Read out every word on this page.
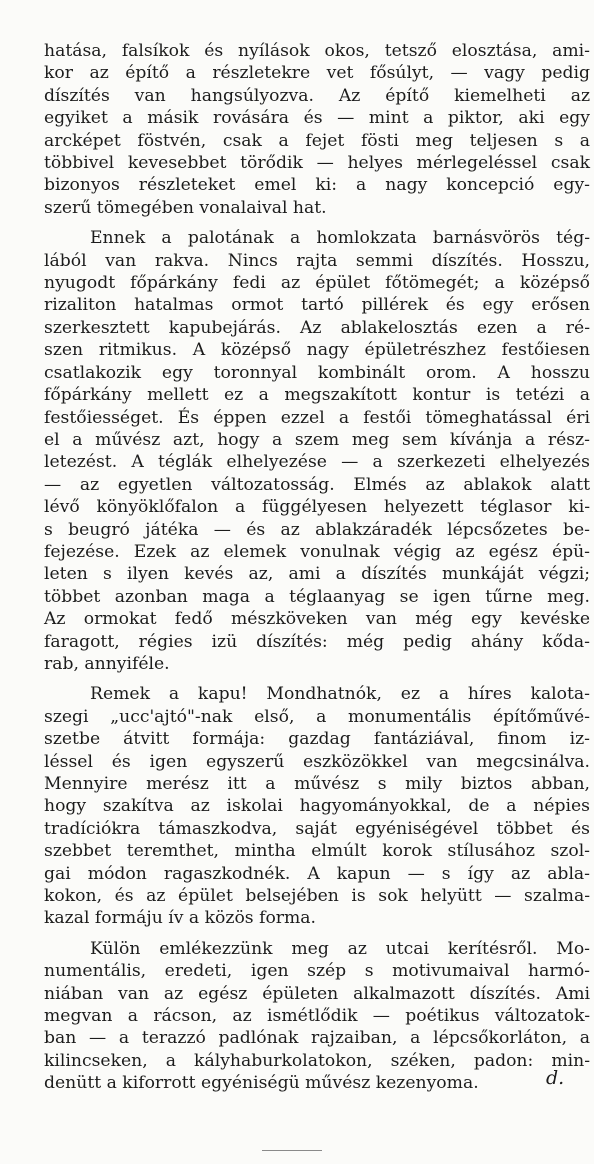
hatása, falsíkok és nyílások okos, tetsző elosztása, ami-
kor az építő a részletekre vet fősúlyt, — vagy pedig
díszítés van hangsúlyozva. Az építő kiemelheti az
egyiket a másik rovására és — mint a piktor, aki egy
arcképet föstvén, csak a fejet fösti meg teljesen s a
többivel kevesebbet törődik — helyes mérlegeléssel csak
bizonyos részleteket emel ki: a nagy koncepció egy-
szerű tömegében vonalaival hat.
Ennek a palotának a homlokzata barnásvörös tég-
lából van rakva. Nincs rajta semmi díszítés. Hosszu,
nyugodt főpárkány fedi az épület főtömegét; a középső
rizaliton hatalmas ormot tartó pillérek és egy erősen
szerkesztett kapubejárás. Az ablakelosztás ezen a ré-
szen ritmikus. A középső nagy épületrészhez festőiesen
csatlakozik egy toronnyal kombinált orom. A hosszu
főpárkány mellett ez a megszakított kontur is tetézi a
festőiességet. És éppen ezzel a festői tömeghatással éri
el a művész azt, hogy a szem meg sem kívánja a rész-
letezést. A téglák elhelyezése — a szerkezeti elhelyezés
— az egyetlen változatosság. Elmés az ablakok alatt
lévő könyöklőfalon a függélyesen helyezett téglasor ki-
s beugró játéka — és az ablakzáradék lépcsőzetes be-
fejezése. Ezek az elemek vonulnak végig az egész épü-
leten s ilyen kevés az, ami a díszítés munkáját végzi;
többet azonban maga a téglaanyag se igen tűrne meg.
Az ormokat fedő mészköveken van még egy kevéske
faragott, régies izü díszítés: még pedig ahány kőda-
rab, annyiféle.
Remek a kapu! Mondhatnók, ez a híres kalota-
szegi „ucc'ajtó"-nak első, a monumentális építőművé-
szetbe átvitt formája: gazdag fantáziával, finom iz-
léssel és igen egyszerű eszközökkel van megcsinálva.
Mennyire merész itt a művész s mily biztos abban,
hogy szakítva az iskolai hagyományokkal, de a népies
tradíciókra támaszkodva, saját egyéniségével többet és
szebbet teremthet, mintha elmúlt korok stílusához szol-
gai módon ragaszkodnék. A kapun — s így az abla-
kokon, és az épület belsejében is sok helyütt — szalma-
kazal formáju ív a közös forma.
Külön emlékezzünk meg az utcai kerítésről. Mo-
numentális, eredeti, igen szép s motivumaival harmó-
niában van az egész épületen alkalmazott díszítés. Ami
megvan a rácson, az ismétlődik — poétikus változatok-
ban — a terazzó padlónak rajzaiban, a lépcsőkorláton, a
kilincseken, a kályhaburkolatokon, széken, padon: min-
denütt a kiforrott egyéniségü művész kezenyoma.	d.
